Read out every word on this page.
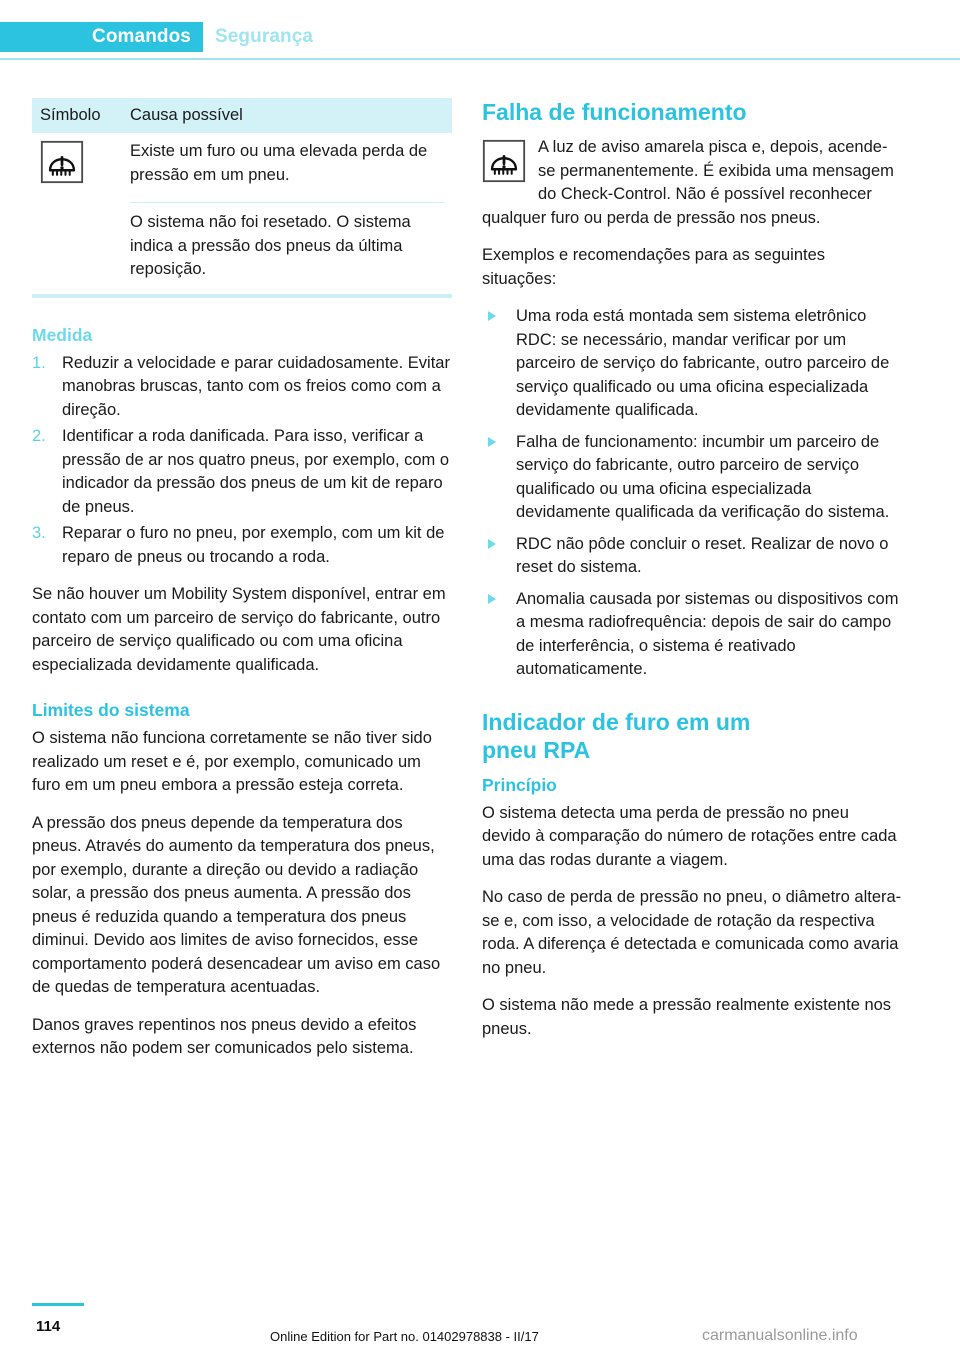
Comandos	Segurança
Símbolo	Causa possível
Existe um furo ou uma elevada perda de pressão em um pneu.
O sistema não foi resetado. O sistema indica a pressão dos pneus da última reposição.
Medida
1. Reduzir a velocidade e parar cuidadosamente. Evitar manobras bruscas, tanto com os freios como com a direção.
2. Identificar a roda danificada. Para isso, verificar a pressão de ar nos quatro pneus, por exemplo, com o indicador da pressão dos pneus de um kit de reparo de pneus.
3. Reparar o furo no pneu, por exemplo, com um kit de reparo de pneus ou trocando a roda.

Se não houver um Mobility System disponível, entrar em contato com um parceiro de serviço do fabricante, outro parceiro de serviço qualificado ou com uma oficina especializada devidamente qualificada.

Limites do sistema

O sistema não funciona corretamente se não tiver sido realizado um reset e é, por exemplo, comunicado um furo em um pneu embora a pressão esteja correta.

A pressão dos pneus depende da temperatura dos pneus. Através do aumento da temperatura dos pneus, por exemplo, durante a direção ou devido a radiação solar, a pressão dos pneus aumenta. A pressão dos pneus é reduzida quando a temperatura dos pneus diminui. Devido aos limites de aviso fornecidos, esse comportamento poderá desencadear um aviso em caso de quedas de temperatura acentuadas.

Danos graves repentinos nos pneus devido a efeitos externos não podem ser comunicados pelo sistema.

Falha de funcionamento

A luz de aviso amarela pisca e, depois, acende-se permanentemente. É exibida uma mensagem do Check-Control. Não é possível reconhecer qualquer furo ou perda de pressão nos pneus.

Exemplos e recomendações para as seguintes situações:

Uma roda está montada sem sistema eletrônico RDC: se necessário, mandar verificar por um parceiro de serviço do fabricante, outro parceiro de serviço qualificado ou uma oficina especializada devidamente qualificada.
Falha de funcionamento: incumbir um parceiro de serviço do fabricante, outro parceiro de serviço qualificado ou uma oficina especializada devidamente qualificada da verificação do sistema.
RDC não pôde concluir o reset. Realizar de novo o reset do sistema.
Anomalia causada por sistemas ou dispositivos com a mesma radiofrequência: depois de sair do campo de interferência, o sistema é reativado automaticamente.
Indicador de furo em um
pneu RPA
Princípio

O sistema detecta uma perda de pressão no pneu devido à comparação do número de rotações entre cada uma das rodas durante a viagem.

No caso de perda de pressão no pneu, o diâmetro altera-se e, com isso, a velocidade de rotação da respectiva roda. A diferença é detectada e comunicada como avaria no pneu.

O sistema não mede a pressão realmente existente nos pneus.

114
Online Edition for Part no. 01402978838 - II/17	carmanualsonline.info
